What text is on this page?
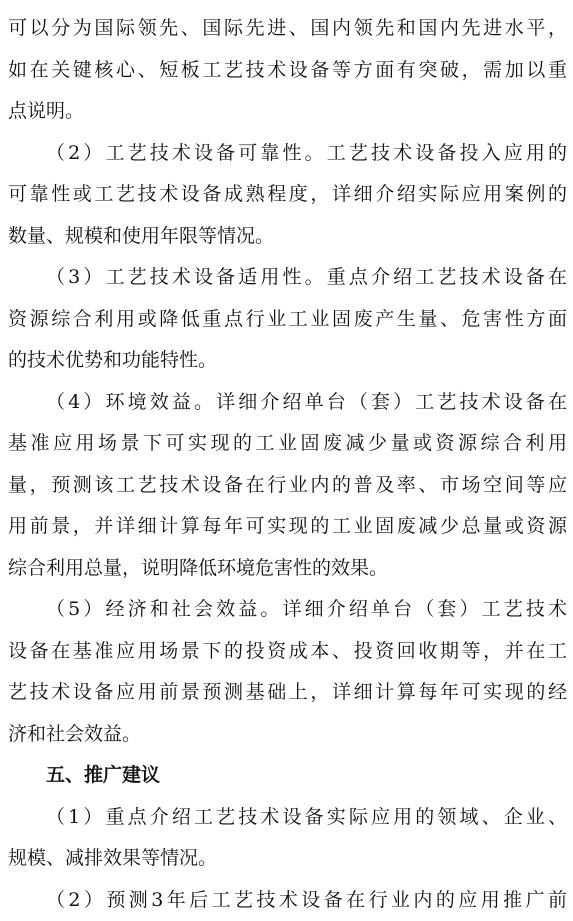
可以分为国际领先、国际先进、国内领先和国内先进水平，
如在关键核心、短板工艺技术设备等方面有突破，需加以重
点说明。
（2）工艺技术设备可靠性。工艺技术设备投入应用的
可靠性或工艺技术设备成熟程度，详细介绍实际应用案例的
数量、规模和使用年限等情况。
（3）工艺技术设备适用性。重点介绍工艺技术设备在
资源综合利用或降低重点行业工业固废产生量、危害性方面
的技术优势和功能特性。
（4）环境效益。详细介绍单台（套）工艺技术设备在
基准应用场景下可实现的工业固废减少量或资源综合利用
量，预测该工艺技术设备在行业内的普及率、市场空间等应
用前景，并详细计算每年可实现的工业固废减少总量或资源
综合利用总量，说明降低环境危害性的效果。
（5）经济和社会效益。详细介绍单台（套）工艺技术
设备在基准应用场景下的投资成本、投资回收期等，并在工
艺技术设备应用前景预测基础上，详细计算每年可实现的经
济和社会效益。
五、推广建议
（1）重点介绍工艺技术设备实际应用的领域、企业、
规模、减排效果等情况。
（2）预测3年后工艺技术设备在行业内的应用推广前
